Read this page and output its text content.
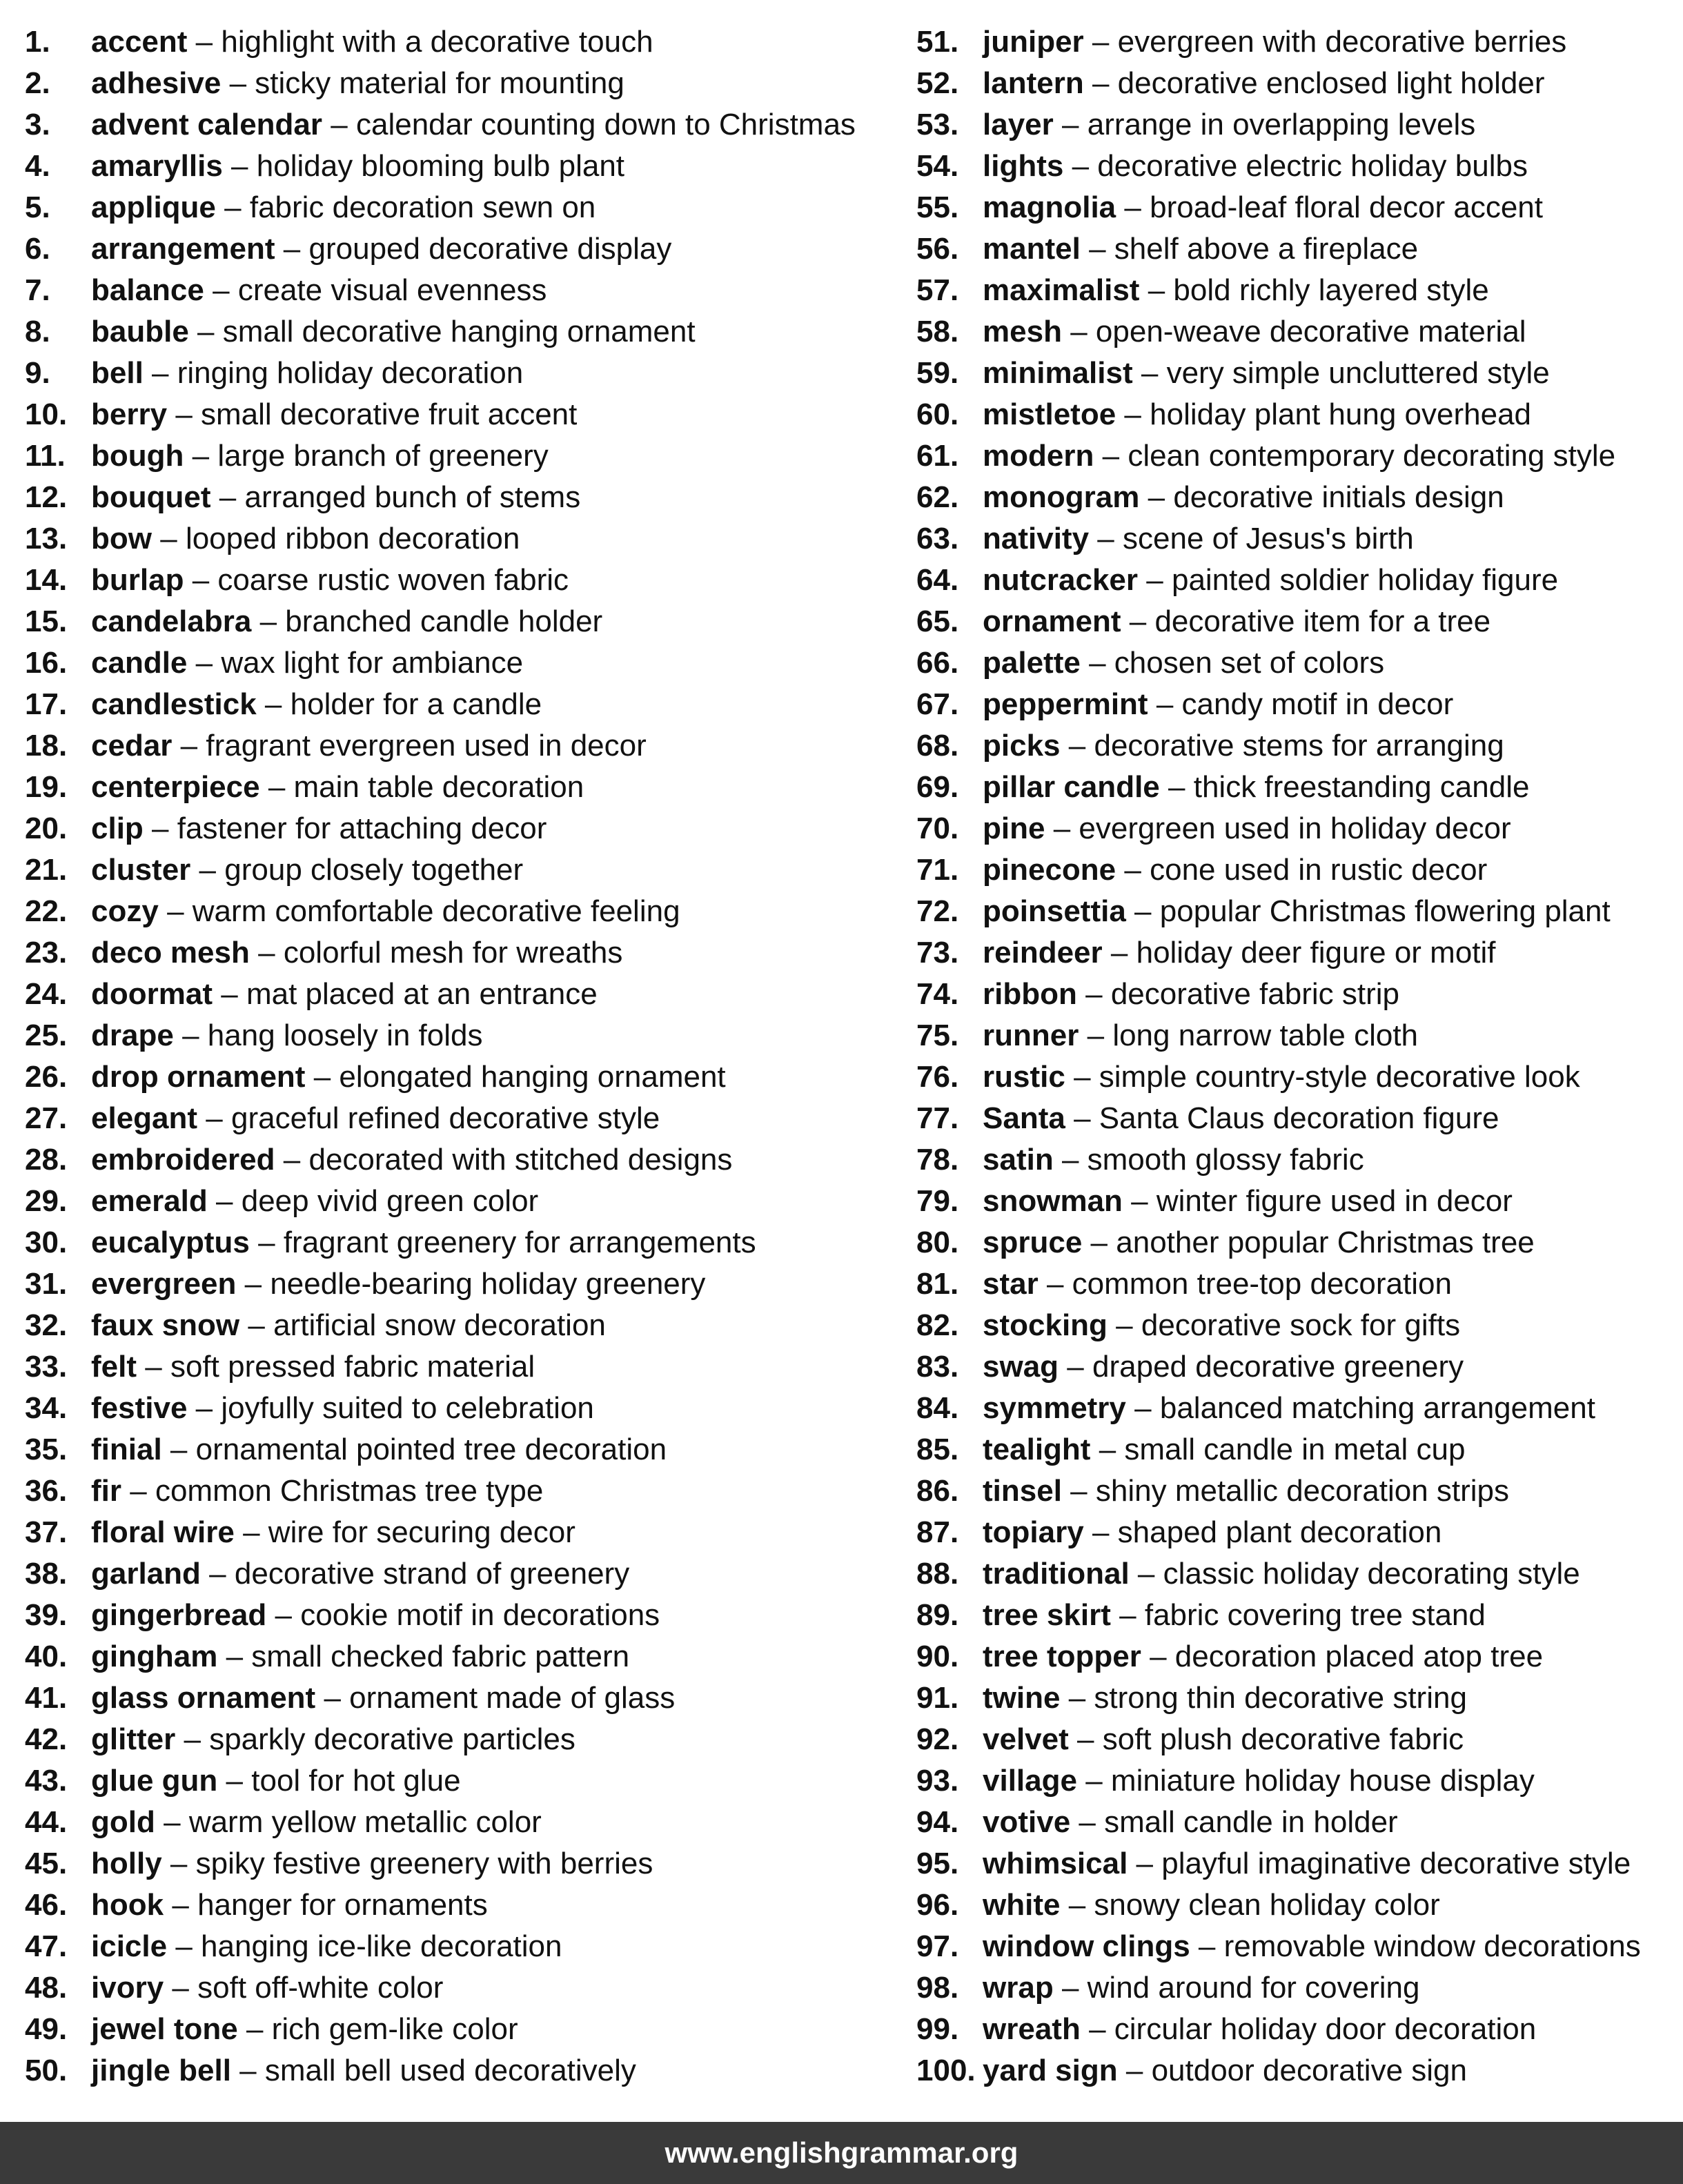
1.	accent
–
highlight with a decorative touch
2.	adhesive
–
sticky material for mounting
3.	advent calendar
–
calendar counting down to Christmas
4.	amaryllis
–
holiday blooming bulb plant
5.	applique
–
fabric decoration sewn on
6.	arrangement
–
grouped decorative display
7.	balance
–
create visual evenness
8.	bauble
–
small decorative hanging ornament
9.	bell
–
ringing holiday decoration
10. berry
–
small decorative fruit accent
11. bough
–
large branch of greenery
12. bouquet
–
arranged bunch of stems
13. bow
–
looped ribbon decoration
14. burlap
–
coarse rustic woven fabric
15. candelabra
–
branched candle holder
16. candle
–
wax light for ambiance
17. candlestick
–
holder for a candle
18. cedar
–
fragrant evergreen used in decor
19. centerpiece
–
main table decoration
20. clip
–
fastener for attaching decor
21. cluster
–
group closely together
22. cozy
–
warm comfortable decorative feeling
23. deco mesh
–
colorful mesh for wreaths
24. doormat
–
mat placed at an entrance
25. drape
–
hang loosely in folds
26. drop ornament
–
elongated hanging ornament
27. elegant
–
graceful refined decorative style
28. embroidered
–
decorated with stitched designs
29. emerald
–
deep vivid green color
30. eucalyptus
–
fragrant greenery for arrangements
31. evergreen
–
needle-bearing holiday greenery
32. faux snow
–
artificial snow decoration
33. felt
–
soft pressed fabric material
34. festive
–
joyfully suited to celebration
35. finial
–
ornamental pointed tree decoration
36. fir
–
common Christmas tree type
37. floral wire
–
wire for securing decor
38. garland
–
decorative strand of greenery
39. gingerbread
–
cookie motif in decorations
40. gingham
–
small checked fabric pattern
41. glass ornament
–
ornament made of glass
42. glitter
–
sparkly decorative particles
43. glue gun
–
tool for hot glue
44. gold
–
warm yellow metallic color
45. holly
–
spiky festive greenery with berries
46. hook
–
hanger for ornaments
47. icicle
–
hanging ice-like decoration
48. ivory
–
soft off-white color
49. jewel tone
–
rich gem-like color
50. jingle bell
–
small bell used decoratively
51. juniper
–
evergreen with decorative berries
52. lantern
–
decorative enclosed light holder
53. layer
–
arrange in overlapping levels
54. lights
–
decorative electric holiday bulbs
55. magnolia
–
broad-leaf floral decor accent
56. mantel
–
shelf above a fireplace
57. maximalist
–
bold richly layered style
58. mesh
–
open-weave decorative material
59. minimalist
–
very simple uncluttered style
60. mistletoe
–
holiday plant hung overhead
61. modern
–
clean contemporary decorating style
62. monogram
–
decorative initials design
63. nativity
–
scene of Jesus's birth
64. nutcracker
–
painted soldier holiday figure
65. ornament
–
decorative item for a tree
66. palette
–
chosen set of colors
67. peppermint
–
candy motif in decor
68. picks
–
decorative stems for arranging
69. pillar candle
–
thick freestanding candle
70. pine
–
evergreen used in holiday decor
71. pinecone
–
cone used in rustic decor
72. poinsettia
–
popular Christmas flowering plant
73. reindeer
–
holiday deer figure or motif
74. ribbon
–
decorative fabric strip
75. runner
–
long narrow table cloth
76. rustic
–
simple country-style decorative look
77. Santa
–
Santa Claus decoration figure
78. satin
–
smooth glossy fabric
79. snowman
–
winter figure used in decor
80. spruce
–
another popular Christmas tree
81. star
–
common tree-top decoration
82. stocking
–
decorative sock for gifts
83. swag
–
draped decorative greenery
84. symmetry
–
balanced matching arrangement
85. tealight
–
small candle in metal cup
86. tinsel
–
shiny metallic decoration strips
87. topiary
–
shaped plant decoration
88. traditional
–
classic holiday decorating style
89. tree skirt
–
fabric covering tree stand
90. tree topper
–
decoration placed atop tree
91. twine
–
strong thin decorative string
92. velvet
–
soft plush decorative fabric
93. village
–
miniature holiday house display
94. votive
–
small candle in holder
95. whimsical
–
playful imaginative decorative style
96. white
–
snowy clean holiday color
97. window clings
–
removable window decorations
98. wrap
–
wind around for covering
99. wreath
–
circular holiday door decoration
100. yard sign
–
outdoor decorative sign
www.englishgrammar.org
